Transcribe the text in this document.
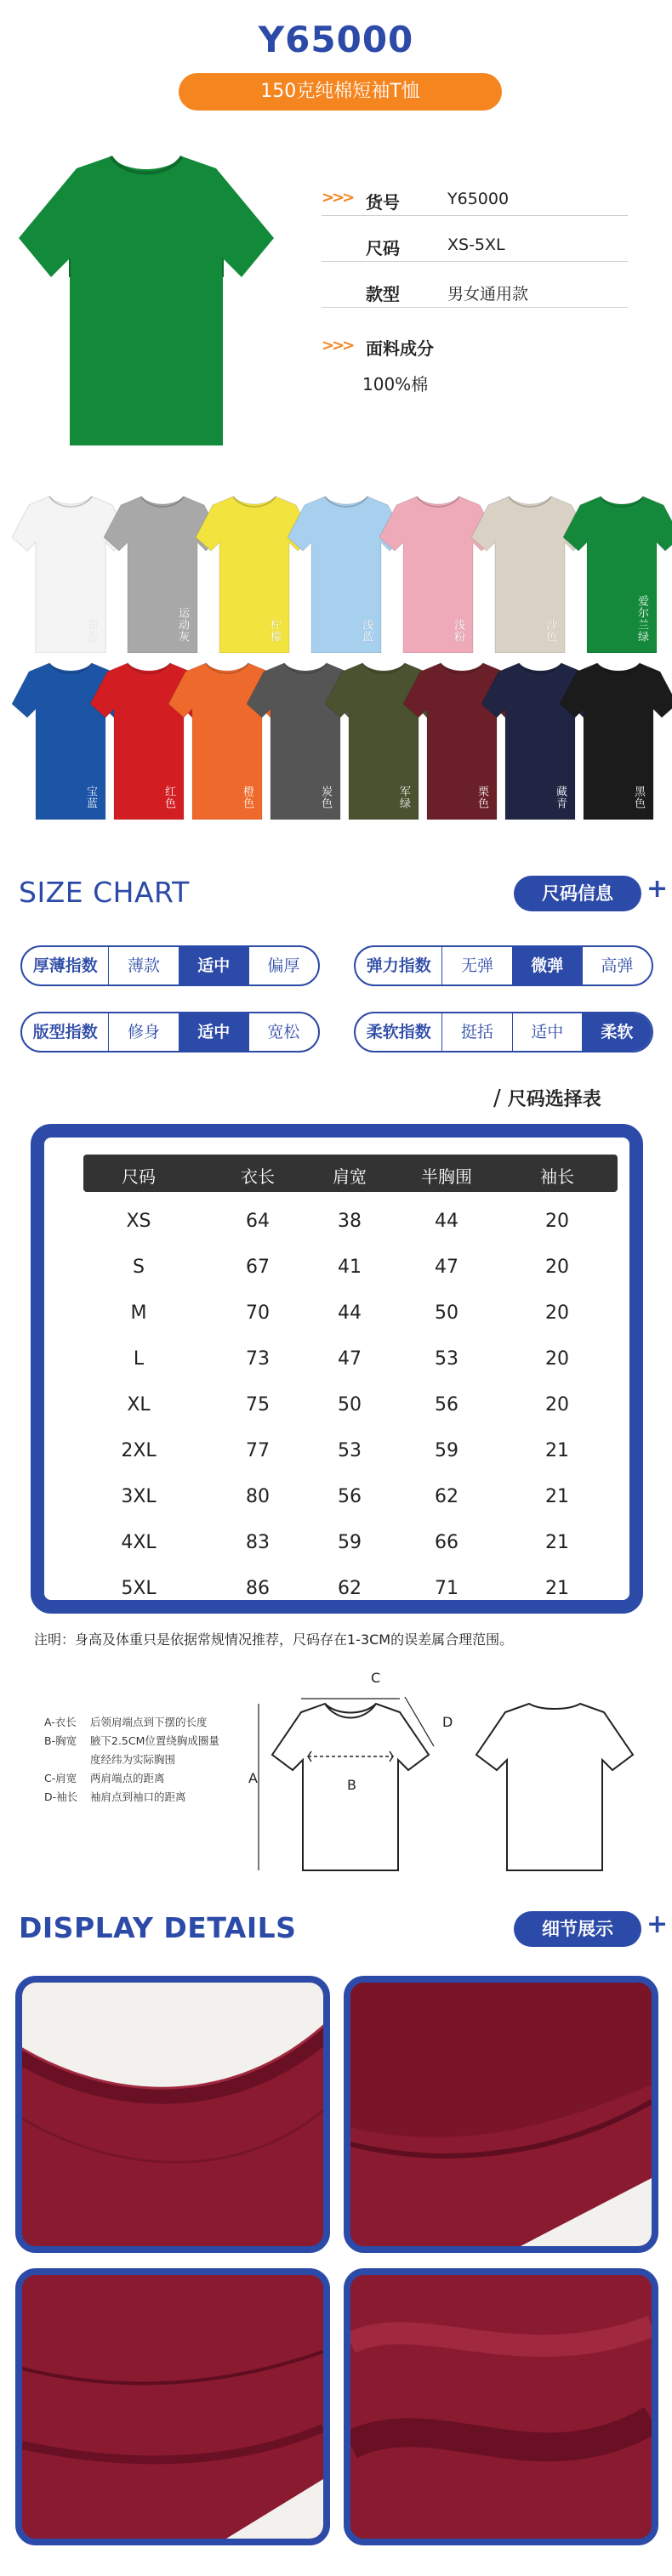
Y65000
150克纯棉短袖T恤
>>> 货号	Y65000
尺码	XS-5XL
款型	男女通用款
>>> 面料成分
100%棉
白色	运动灰	柠檬	浅蓝	浅粉	沙色	爱尔兰绿
宝蓝	红色	橙色	炭色	军绿	栗色	藏青	黑色
SIZE CHART	尺码信息	+
厚薄指数	薄款	适中	偏厚	弹力指数	无弹	微弹	高弹
版型指数	修身	适中	宽松	柔软指数	挺括	适中	柔软
/ 尺码选择表
尺码	衣长	肩宽	半胸围	袖长
XS	64	38	44	20
S	67	41	47	20
M	70	44	50	20
L	73	47	53	20
XL	75	50	56	20
2XL	77	53	59	21
3XL	80	56	62	21
4XL	83	59	66	21
5XL	86	62	71	21
注明：身高及体重只是依据常规情况推荐，尺码存在1-3CM的误差属合理范围。
A-衣长 后领肩端点到下摆的长度
B-胸宽 腋下2.5CM位置绕胸成圈量
度经纬为实际胸围
C-肩宽 两肩端点的距离
D-袖长 袖肩点到袖口的距离
C
D
A	B
DISPLAY DETAILS	细节展示	+
